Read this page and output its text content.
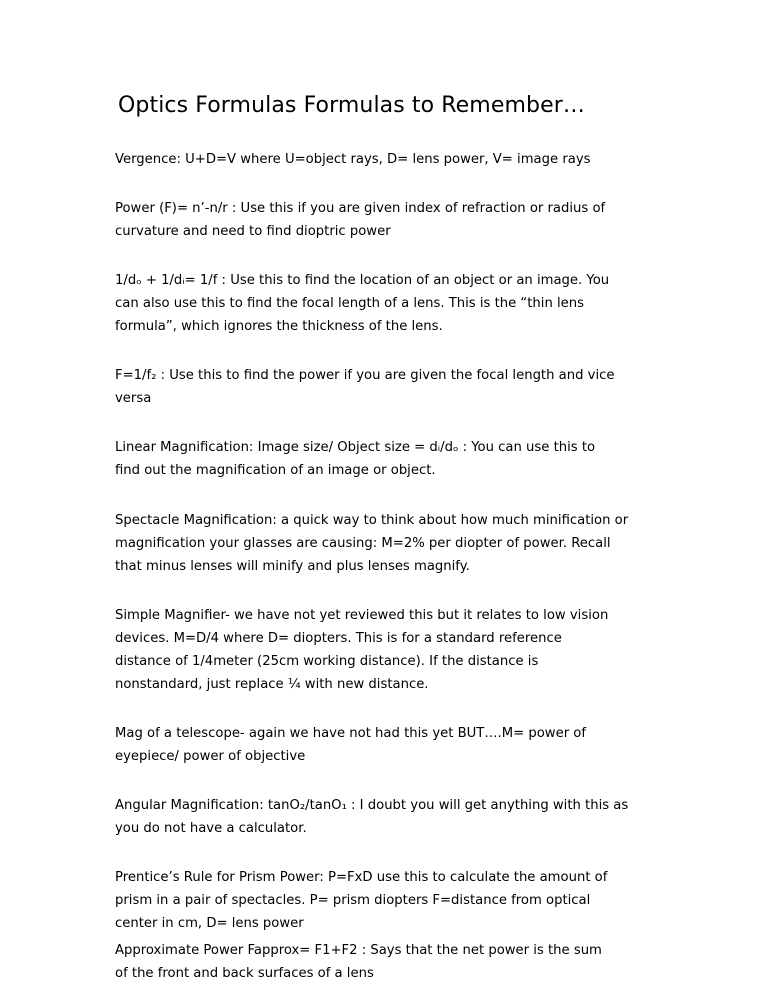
Optics Formulas Formulas to Remember…
Vergence: U+D=V where U=object rays, D= lens power, V= image rays
Power (F)= n’-n/r : Use this if you are given index of refraction or radius of
curvature and need to find dioptric power
1/dₒ + 1/dᵢ= 1/f : Use this to find the location of an object or an image. You
can also use this to find the focal length of a lens. This is the “thin lens
formula”, which ignores the thickness of the lens.
F=1/f₂ : Use this to find the power if you are given the focal length and vice
versa
Linear Magnification: Image size/ Object size = dᵢ/dₒ : You can use this to
find out the magnification of an image or object.
Spectacle Magnification: a quick way to think about how much minification or
magnification your glasses are causing: M=2% per diopter of power. Recall
that minus lenses will minify and plus lenses magnify.
Simple Magnifier- we have not yet reviewed this but it relates to low vision
devices. M=D/4 where D= diopters. This is for a standard reference
distance of 1/4meter (25cm working distance). If the distance is
nonstandard, just replace ¼ with new distance.
Mag of a telescope- again we have not had this yet BUT….M= power of
eyepiece/ power of objective
Angular Magnification: tanO₂/tanO₁ : I doubt you will get anything with this as
you do not have a calculator.
Prentice’s Rule for Prism Power: P=FxD use this to calculate the amount of
prism in a pair of spectacles. P= prism diopters F=distance from optical
center in cm, D= lens power
Approximate Power Fapprox= F1+F2 : Says that the net power is the sum
of the front and back surfaces of a lens
